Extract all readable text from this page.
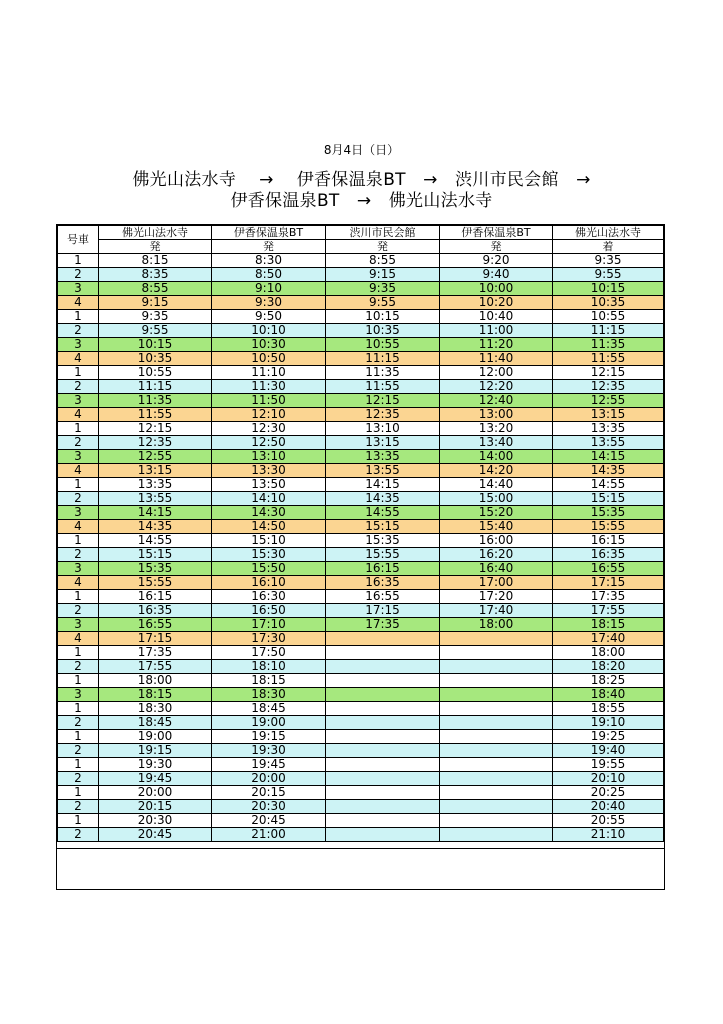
8月4日（日）
佛光山法水寺　 →　 伊香保温泉BT　→　渋川市民会館　→
伊香保温泉BT　→　佛光山法水寺
号車	佛光山法水寺	伊香保温泉BT	渋川市民会館	伊香保温泉BT	佛光山法水寺
	発	発	発	発	着
1	8:15	8:30	8:55	9:20	9:35
2	8:35	8:50	9:15	9:40	9:55
3	8:55	9:10	9:35	10:00	10:15
4	9:15	9:30	9:55	10:20	10:35
1	9:35	9:50	10:15	10:40	10:55
2	9:55	10:10	10:35	11:00	11:15
3	10:15	10:30	10:55	11:20	11:35
4	10:35	10:50	11:15	11:40	11:55
1	10:55	11:10	11:35	12:00	12:15
2	11:15	11:30	11:55	12:20	12:35
3	11:35	11:50	12:15	12:40	12:55
4	11:55	12:10	12:35	13:00	13:15
1	12:15	12:30	13:10	13:20	13:35
2	12:35	12:50	13:15	13:40	13:55
3	12:55	13:10	13:35	14:00	14:15
4	13:15	13:30	13:55	14:20	14:35
1	13:35	13:50	14:15	14:40	14:55
2	13:55	14:10	14:35	15:00	15:15
3	14:15	14:30	14:55	15:20	15:35
4	14:35	14:50	15:15	15:40	15:55
1	14:55	15:10	15:35	16:00	16:15
2	15:15	15:30	15:55	16:20	16:35
3	15:35	15:50	16:15	16:40	16:55
4	15:55	16:10	16:35	17:00	17:15
1	16:15	16:30	16:55	17:20	17:35
2	16:35	16:50	17:15	17:40	17:55
3	16:55	17:10	17:35	18:00	18:15
4	17:15	17:30			17:40
1	17:35	17:50			18:00
2	17:55	18:10			18:20
1	18:00	18:15			18:25
3	18:15	18:30			18:40
1	18:30	18:45			18:55
2	18:45	19:00			19:10
1	19:00	19:15			19:25
2	19:15	19:30			19:40
1	19:30	19:45			19:55
2	19:45	20:00			20:10
1	20:00	20:15			20:25
2	20:15	20:30			20:40
1	20:30	20:45			20:55
2	20:45	21:00			21:10
